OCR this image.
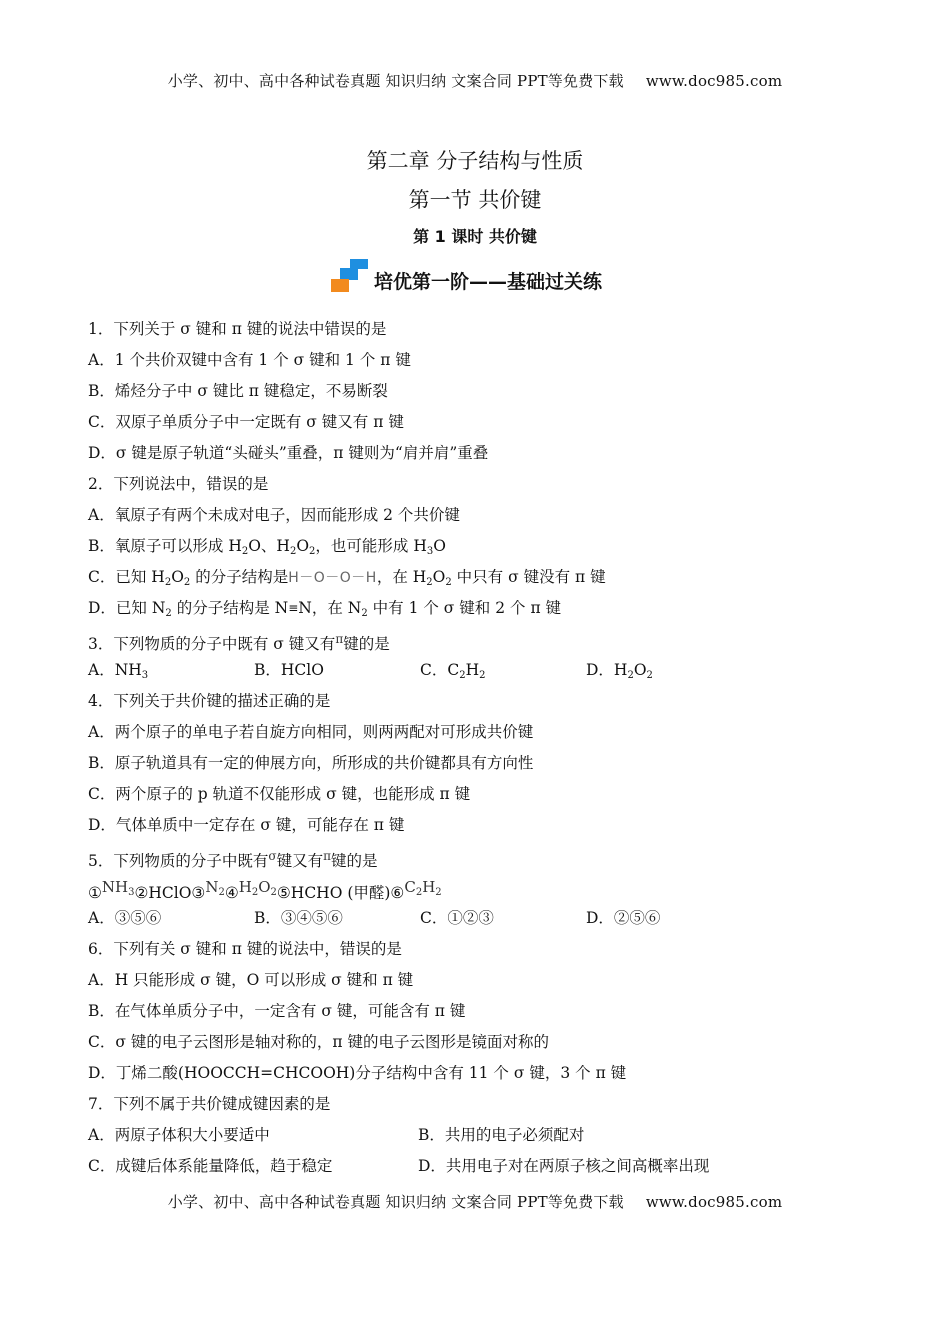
小学、初中、高中各种试卷真题 知识归纳 文案合同 PPT等免费下载 www.doc985.com
第二章 分子结构与性质
第一节 共价键
第 1 课时 共价键
培优第一阶——基础过关练
1．下列关于 σ 键和 π 键的说法中错误的是
A．1 个共价双键中含有 1 个 σ 键和 1 个 π 键
B．烯烃分子中 σ 键比 π 键稳定，不易断裂
C．双原子单质分子中一定既有 σ 键又有 π 键
D．σ 键是原子轨道“头碰头”重叠，π 键则为“肩并肩”重叠
2．下列说法中，错误的是
A．氧原子有两个未成对电子，因而能形成 2 个共价键
B．氧原子可以形成 $H_2O$、$H_2O_2$，也可能形成 $H_3O$
C．已知 $H_2O_2$ 的分子结构是H－O－O－H，在 $H_2O_2$ 中只有 σ 键没有 π 键
D．已知 $N_2$ 的分子结构是 N≡ N，在 $N_2$ 中有 1 个 σ 键和 2 个 π 键
3．下列物质的分子中既有 σ 键又有$^\pi$键的是
A．$NH_3$	B．HClO	C．$C_2H_2$	D．$H_2O_2$
4．下列关于共价键的描述正确的是
A．两个原子的单电子若自旋方向相同，则两两配对可形成共价键
B．原子轨道具有一定的伸展方向，所形成的共价键都具有方向性
C．两个原子的 p 轨道不仅能形成 σ 键，也能形成 π 键
D．气体单质中一定存在 σ 键，可能存在 π 键
5．下列物质的分子中既有$^\sigma$键又有$^\pi$键的是
①$^{NH_3}$②HClO③$^{N_2}$④$^{H_2O_2}$⑤HCHO (甲醛)⑥$^{C_2H_2}$
A．③⑤⑥	B．③④⑤⑥	C．①②③	D．②⑤⑥
6．下列有关 σ 键和 π 键的说法中，错误的是
A．H 只能形成 σ 键，O 可以形成 σ 键和 π 键
B．在气体单质分子中，一定含有 σ 键，可能含有 π 键
C．σ 键的电子云图形是轴对称的，π 键的电子云图形是镜面对称的
D．丁烯二酸(HOOCCH=CHCOOH)分子结构中含有 11 个 σ 键，3 个 π 键
7．下列不属于共价键成键因素的是
A．两原子体积大小要适中	B．共用的电子必须配对
C．成键后体系能量降低，趋于稳定	D．共用电子对在两原子核之间高概率出现
小学、初中、高中各种试卷真题 知识归纳 文案合同 PPT等免费下载 www.doc985.com
